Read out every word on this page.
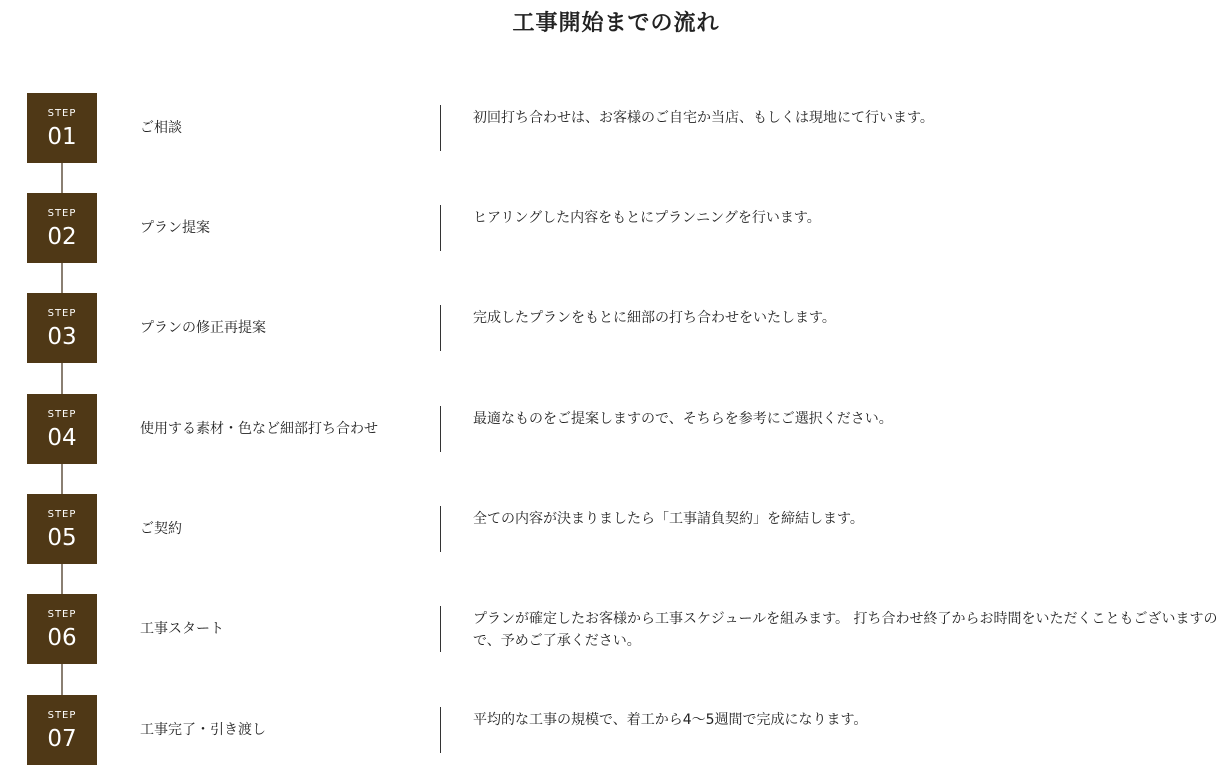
工事開始までの流れ
STEP
01	ご相談
初回打ち合わせは、お客様のご自宅か当店、もしくは現地にて行います。
STEP
02	プラン提案
ヒアリングした内容をもとにプランニングを行います。
STEP
03	プランの修正再提案
完成したプランをもとに細部の打ち合わせをいたします。
STEP
04	使用する素材・色など細部打ち合わせ
最適なものをご提案しますので、そちらを参考にご選択ください。
STEP
05	ご契約
全ての内容が決まりましたら「工事請負契約」を締結します。
STEP
06	工事スタート
プランが確定したお客様から工事スケジュールを組みます。 打ち合わせ終了からお時間をいただくこともございますので、予めご了承ください。
STEP
07	工事完了・引き渡し
平均的な工事の規模で、着工から4〜5週間で完成になります。
